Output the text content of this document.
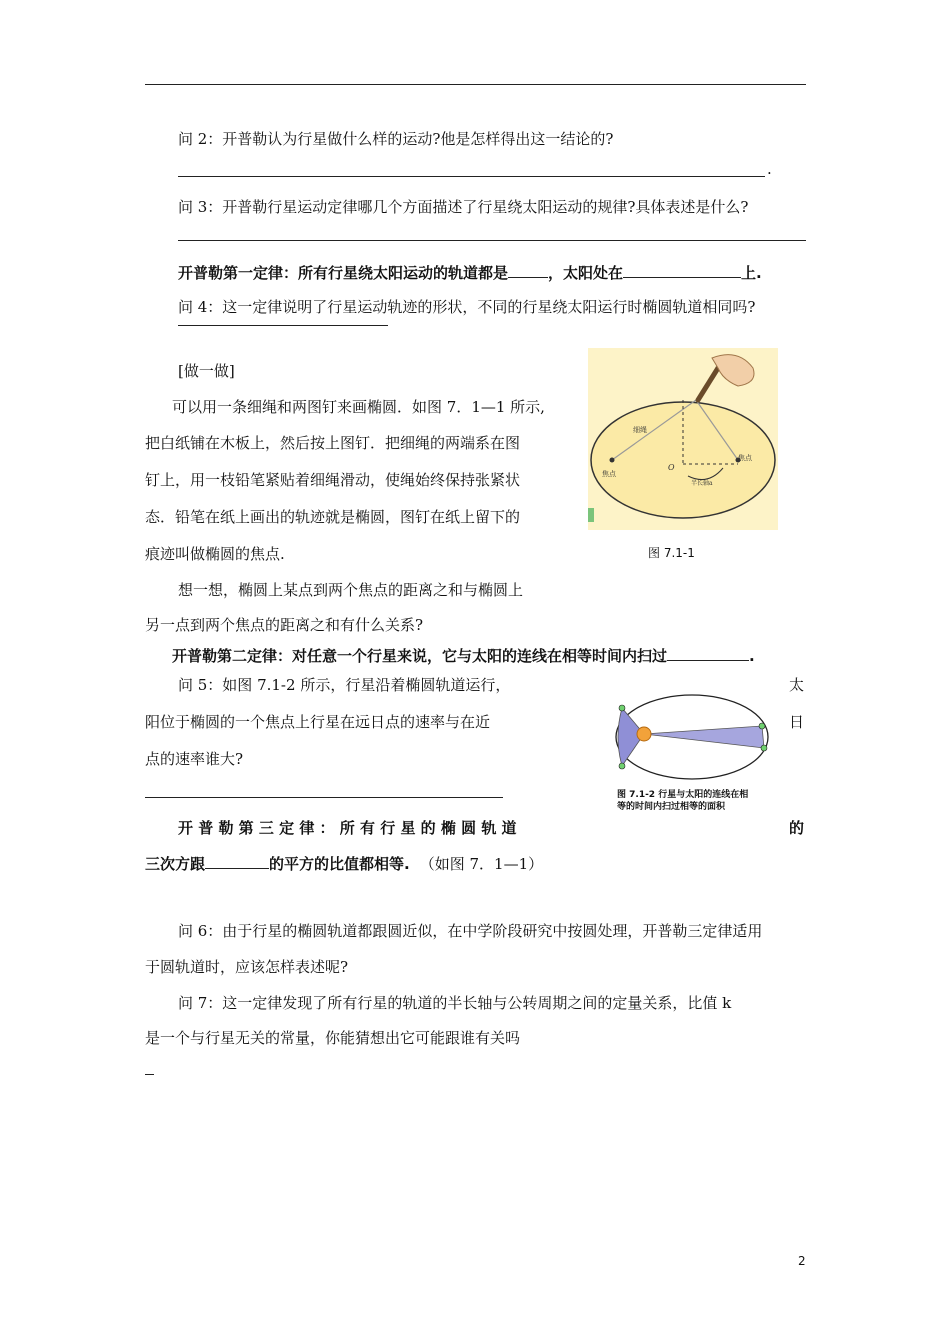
问 2：开普勒认为行星做什么样的运动?他是怎样得出这一结论的?
.
问 3：开普勒行星运动定律哪几个方面描述了行星绕太阳运动的规律?具体表述是什么?
开普勒第一定律：所有行星绕太阳运动的轨道都是	，太阳处在	上.
问 4：这一定律说明了行星运动轨迹的形状，不同的行星绕太阳运行时椭圆轨道相同吗?
[做一做]
可以用一条细绳和两图钉来画椭圆．如图 7．1—1 所示,
把白纸铺在木板上，然后按上图钉．把细绳的两端系在图
钉上，用一枝铅笔紧贴着细绳滑动，使绳始终保持张紧状
态．铅笔在纸上画出的轨迹就是椭圆，图钉在纸上留下的
痕迹叫做椭圆的焦点.
想一想，椭圆上某点到两个焦点的距离之和与椭圆上
另一点到两个焦点的距离之和有什么关系?
细绳
焦点
O
焦点
半长轴a
图 7.1-1
开普勒第二定律：对任意一个行星来说，它与太阳的连线在相等时间内扫过	.
问 5：如图 7.1-2 所示，行星沿着椭圆轨道运行，
阳位于椭圆的一个焦点上行星在远日点的速率与在近
点的速率谁大?
太
日
图 7.1-2 行星与太阳的连线在相
等的时间内扫过相等的面积
开 普 勒 第 三 定 律 ： 所 有 行 星 的 椭 圆 轨 道	的
三次方跟	的平方的比值都相等. （如图 7．1—1）
问 6：由于行星的椭圆轨道都跟圆近似，在中学阶段研究中按圆处理，开普勒三定律适用
于圆轨道时，应该怎样表述呢?
问 7：这一定律发现了所有行星的轨道的半长轴与公转周期之间的定量关系，比值 k
是一个与行星无关的常量，你能猜想出它可能跟谁有关吗
2
